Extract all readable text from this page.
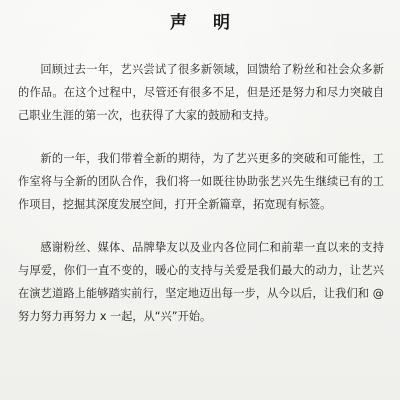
声 明

回顾过去一年，艺兴尝试了很多新领域，回馈给了粉丝和社会众多新的作品。在这个过程中，尽管还有很多不足，但是还是努力和尽力突破自己职业生涯的第一次，也获得了大家的鼓励和支持。

新的一年，我们带着全新的期待，为了艺兴更多的突破和可能性，工作室将与全新的团队合作，我们将一如既往协助张艺兴先生继续已有的工作项目，挖掘其深度发展空间，打开全新篇章，拓宽现有标签。

感谢粉丝、媒体、品牌挚友以及业内各位同仁和前辈一直以来的支持与厚爱，你们一直不变的，暖心的支持与关爱是我们最大的动力，让艺兴在演艺道路上能够踏实前行，坚定地迈出每一步，从今以后，让我们和 @努力努力再努力 x 一起，从“兴”开始。
